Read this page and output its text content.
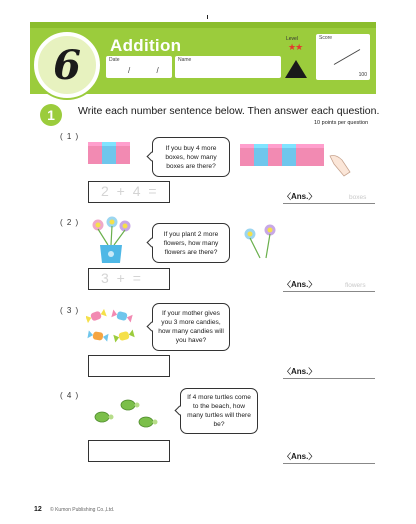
6 Addition
Date
/ /
Name
Level
★★
Score
100
1	Write each number sentence below. Then answer each question.
10 points per question
( 1 )
If you buy 4 more boxes, how many boxes are there?
2 + 4 =	〈Ans.〉	boxes
( 2 )
If you plant 2 more flowers, how many flowers are there?
3 + =	〈Ans.〉	flowers
( 3 )	If your mother gives you 3 more candies, how many candies will you have?
〈Ans.〉
( 4 )	If 4 more turtles come to the beach, how many turtles will there be?
〈Ans.〉
12 © Kumon Publishing Co.,Ltd.
